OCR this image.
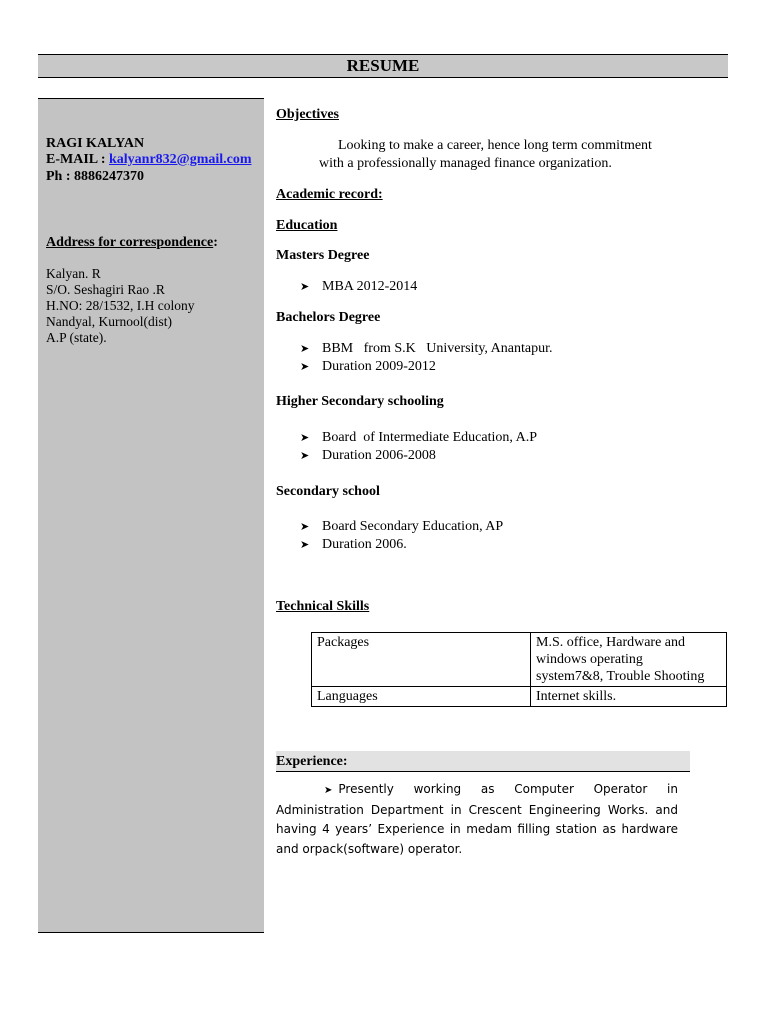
RESUME
RAGI KALYAN
E-MAIL : kalyanr832@gmail.com
Ph : 8886247370
Address for correspondence:
Kalyan. R
S/O. Seshagiri Rao .R
H.NO: 28/1532, I.H colony
Nandyal, Kurnool(dist)
A.P (state).
Objectives
Looking to make a career, hence long term commitment
with a professionally managed finance organization.
Academic record:
Education
Masters Degree
➤ MBA 2012-2014
Bachelors Degree
➤ BBM   from S.K   University, Anantapur.
➤ Duration 2009-2012
Higher Secondary schooling
➤ Board  of Intermediate Education, A.P
➤ Duration 2006-2008
Secondary school
➤ Board Secondary Education, AP
➤ Duration 2006.
Technical Skills
Packages	M.S. office, Hardware and
windows operating
system7&8, Trouble Shooting

Languages	Internet skills.
Experience:
➤ Presently working as Computer Operator in Administration Department in Crescent Engineering Works. and having 4 years’ Experience in medam filling station as hardware and orpack(software) operator.
